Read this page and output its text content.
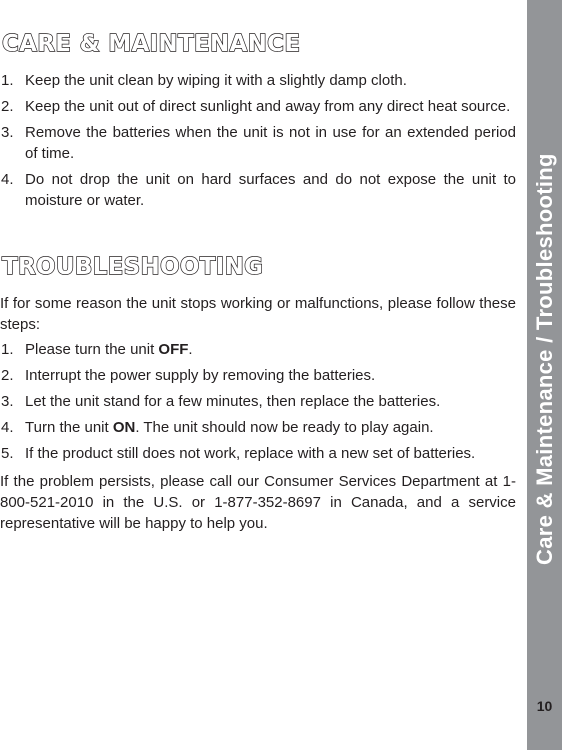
CARE & MAINTENANCE
1. Keep the unit clean by wiping it with a slightly damp cloth.
2. Keep the unit out of direct sunlight and away from any direct heat source.
3. Remove the batteries when the unit is not in use for an extended period of time.
4. Do not drop the unit on hard surfaces and do not expose the unit to moisture or water.
TROUBLESHOOTING

If for some reason the unit stops working or malfunctions, please follow these steps:

1. Please turn the unit OFF.
2. Interrupt the power supply by removing the batteries.
3. Let the unit stand for a few minutes, then replace the batteries.
4. Turn the unit ON. The unit should now be ready to play again.
5. If the product still does not work, replace with a new set of batteries.

If the problem persists, please call our Consumer Services Department at 1-800-521-2010 in the U.S. or 1-877-352-8697 in Canada, and a service representative will be happy to help you.	Care & Maintenance / Troubleshooting
10
